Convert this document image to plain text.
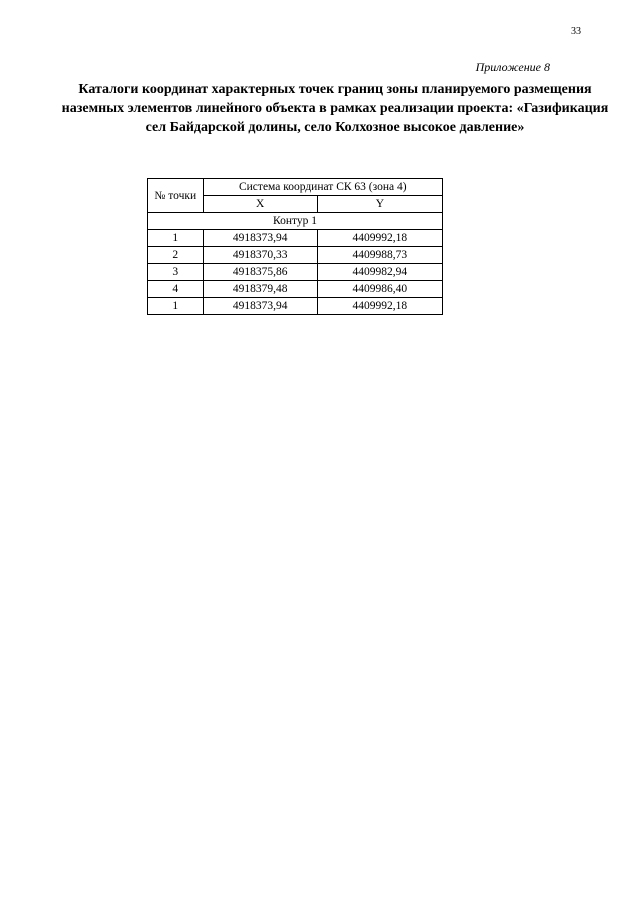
33
Приложение 8
Каталоги координат характерных точек границ зоны планируемого размещения наземных элементов линейного объекта в рамках реализации проекта: «Газификация сел Байдарской долины, село Колхозное высокое давление»
№ точки	Система координат СК 63 (зона 4)	
	X	Y
Контур 1		
1	4918373,94	4409992,18
2	4918370,33	4409988,73
3	4918375,86	4409982,94
4	4918379,48	4409986,40
1	4918373,94	4409992,18
